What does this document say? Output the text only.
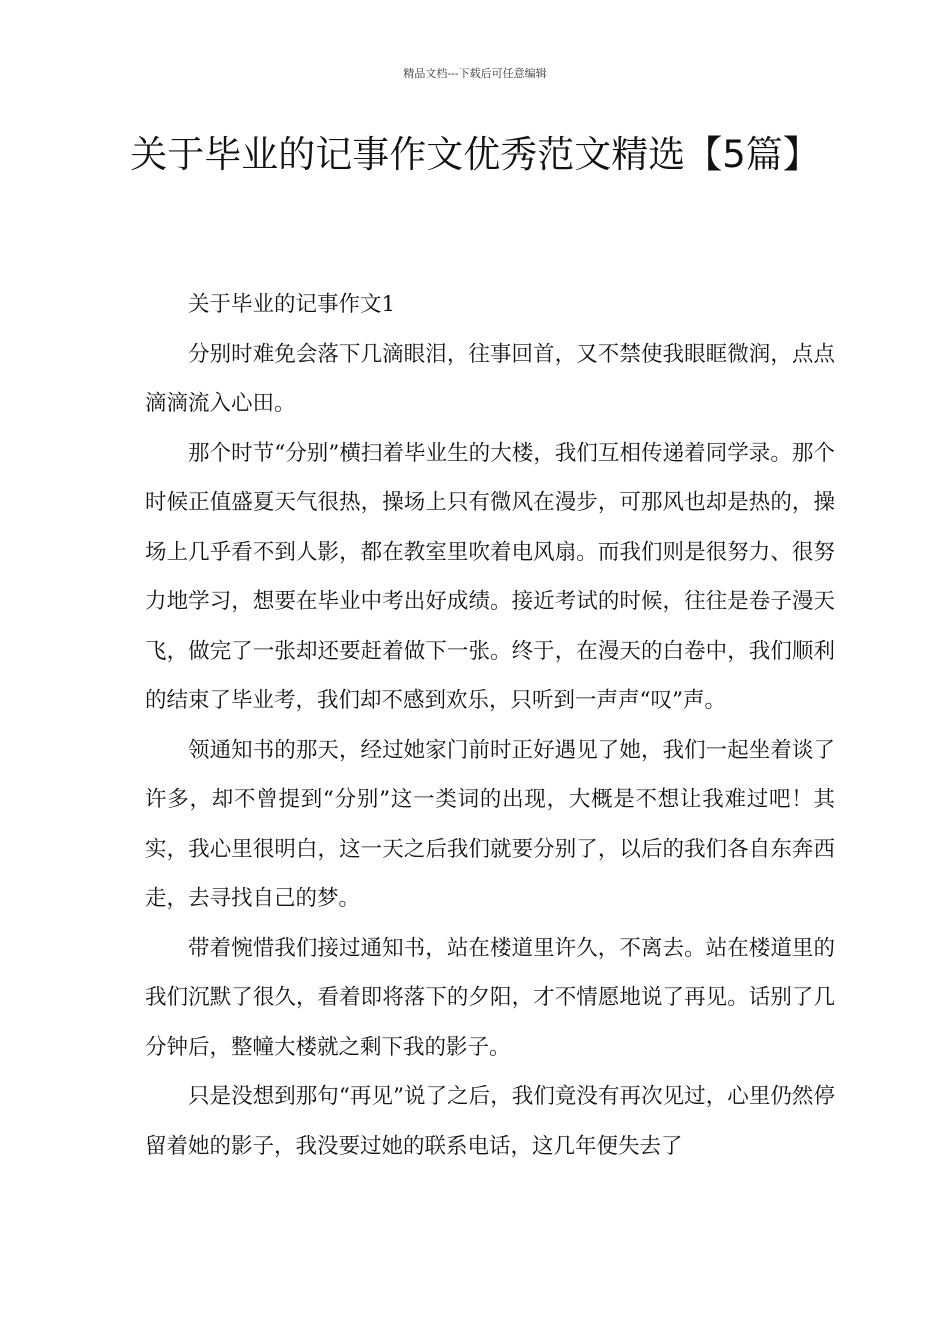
精品文档---下载后可任意编辑
关于毕业的记事作文优秀范文精选【5篇】

关于毕业的记事作文1

分别时难免会落下几滴眼泪，往事回首，又不禁使我眼眶微润，点点滴滴流入心田。

那个时节“分别”横扫着毕业生的大楼，我们互相传递着同学录。那个时候正值盛夏天气很热，操场上只有微风在漫步，可那风也却是热的，操场上几乎看不到人影，都在教室里吹着电风扇。而我们则是很努力、很努力地学习，想要在毕业中考出好成绩。接近考试的时候，往往是卷子漫天飞，做完了一张却还要赶着做下一张。终于，在漫天的白卷中，我们顺利的结束了毕业考，我们却不感到欢乐，只听到一声声“叹”声。

领通知书的那天，经过她家门前时正好遇见了她，我们一起坐着谈了许多，却不曾提到“分别”这一类词的出现，大概是不想让我难过吧！其实，我心里很明白，这一天之后我们就要分别了，以后的我们各自东奔西走，去寻找自己的梦。

带着惋惜我们接过通知书，站在楼道里许久，不离去。站在楼道里的我们沉默了很久，看着即将落下的夕阳，才不情愿地说了再见。话别了几分钟后，整幢大楼就之剩下我的影子。

只是没想到那句“再见”说了之后，我们竟没有再次见过，心里仍然停留着她的影子，我没要过她的联系电话，这几年便失去了
